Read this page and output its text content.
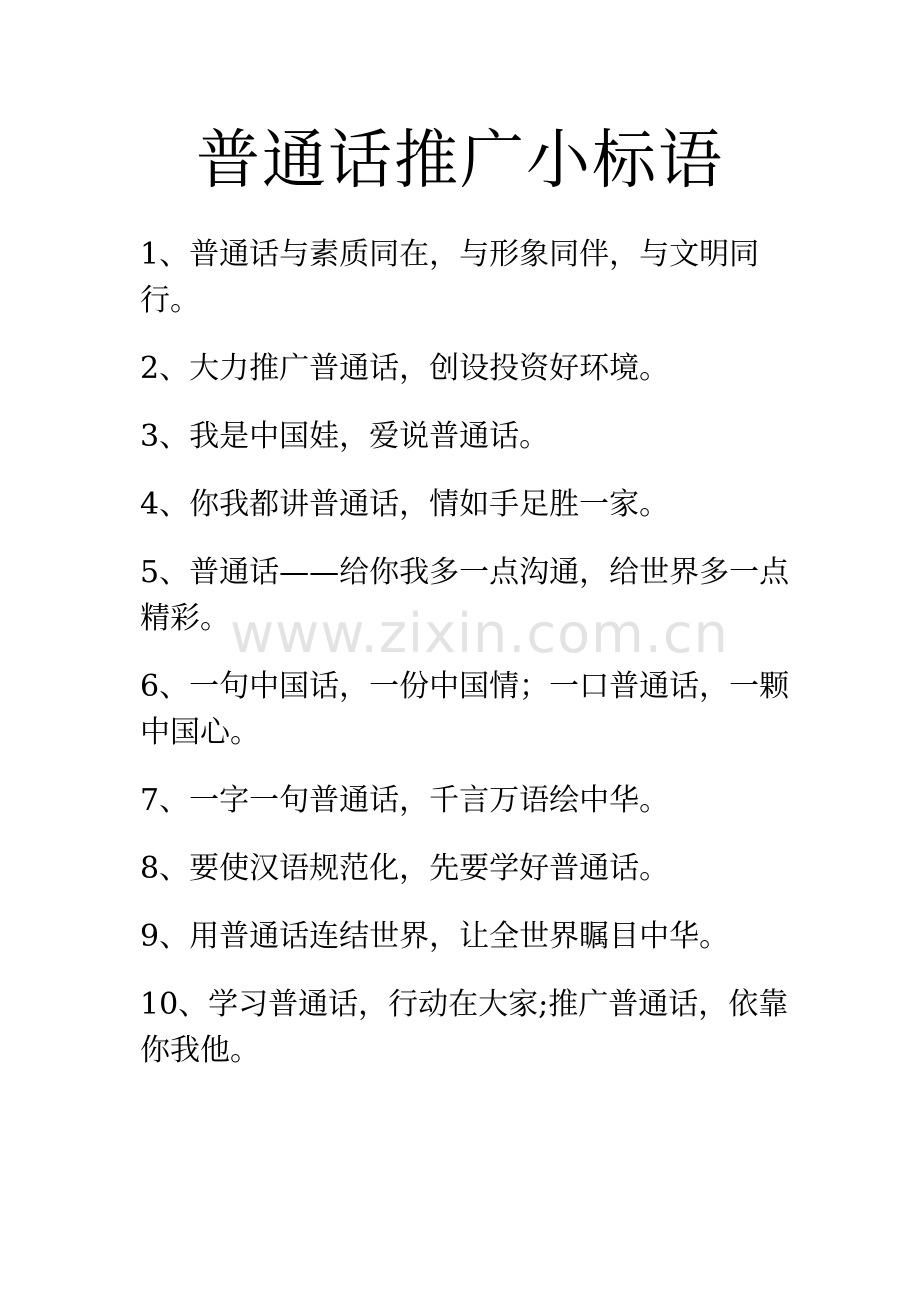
普通话推广小标语
1、普通话与素质同在，与形象同伴，与文明同行。
2、大力推广普通话，创设投资好环境。
3、我是中国娃，爱说普通话。
4、你我都讲普通话，情如手足胜一家。
5、普通话——给你我多一点沟通，给世界多一点精彩。
6、一句中国话，一份中国情；一口普通话，一颗中国心。
7、一字一句普通话，千言万语绘中华。
8、要使汉语规范化，先要学好普通话。
9、用普通话连结世界，让全世界瞩目中华。
10、学习普通话，行动在大家;推广普通话，依靠你我他。
www.zixin.com.cn
